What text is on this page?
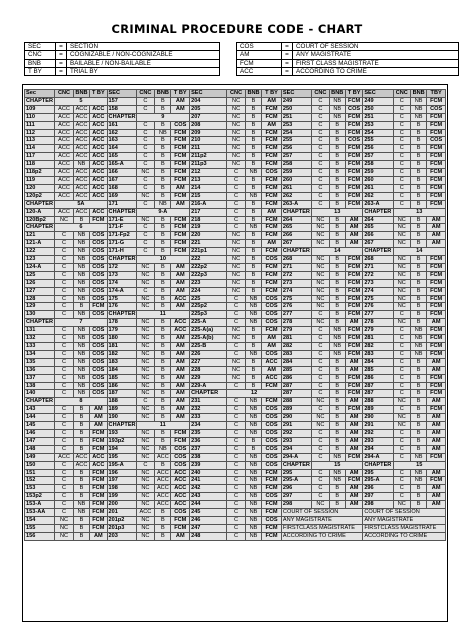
CRIMINAL PROCEDURE CODE - CHART
SEC	=	SECTION
CNC	=	COGNIZABLE / NON-COGNIZABLE
BNB	=	BAILABLE / NON-BAILABLE
T BY	=	TRIAL BY
COS	=	COURT OF SESSION
AM	=	ANY MAGISTRATE
FCM	=	FIRST CLASS MAGISTRATE
ACC	=	ACCORDING TO CRIME
Sec	CNC	BNB	T BY	SEC	CNC	BNB	T BY	SEC	CNC	BNB	T BY	SEC	CNC	BNB	T BY	SEC	CNC	BNB	TBY
CHAPTER	5			157	C	B	AM	204	NC	B	AM	249	C	NB	FCM	249	C	NB	FCM
109	ACC	ACC	ACC	158	C	B	AM	205	NC	B	FCM	250	C	NB	COS	250	C	NB	COS
110	ACC	ACC	ACC	CHAPTER	9			207	NC	B	FCM	251	C	NB	FCM	251	C	NB	FCM
111	ACC	ACC	ACC	161	C	B	COS	208	NC	B	AM	253	C	B	FCM	253	C	B	FCM
112	ACC	ACC	ACC	162	C	NB	FCM	209	NC	B	FCM	254	C	B	FCM	254	C	B	FCM
113	ACC	ACC	ACC	163	C	B	FCM	210	NC	B	FCM	255	C	B	COS	255	C	B	COS
114	ACC	ACC	ACC	164	C	B	FCM	211	NC	B	FCM	256	C	B	FCM	256	C	B	FCM
117	ACC	ACC	ACC	165	C	B	FCM	211p2	NC	B	FCM	257	C	B	FCM	257	C	B	FCM
118	ACC	NB	ACC	165-A	C	B	FCM	211p3	NC	B	FCM	258	C	B	FCM	258	C	B	FCM
118p2	ACC	ACC	ACC	166	NC	B	FCM	212	C	NB	COS	259	C	B	FCM	259	C	B	FCM
119	ACC	ACC	ACC	167	C	B	FCM	213	C	B	FCM	260	C	B	FCM	260	C	B	FCM
120	ACC	ACC	ACC	168	C	B	AM	214	C	B	FCM	261	C	B	FCM	261	C	B	FCM
120p2	ACC	ACC	ACC	169	NC	B	FCM	215	C	NB	FCM	262	C	B	FCM	262	C	B	FCM
CHAPTER	5A			171	C	NB	AM	216-A	C	B	FCM	263-A	C	B	FCM	263-A	C	B	FCM
120-A	ACC	ACC	ACC	CHAPTER	9-A			217	C	B	AM	CHAPTER	13			CHAPTER	13		
120Bp2	NC	B	FCM	171-E	NC	B	FCM	218	C	B	FCM	264	NC	B	AM	264	NC	B	AM
CHAPTER	6			171-F	C	B	FCM	219	C	NB	FCM	265	NC	B	AM	265	NC	B	AM
121	C	NB	COS	171-Fp2	C	B	FCM	220	NC	B	FCM	266	NC	B	AM	266	NC	B	AM
121-A	C	NB	COS	171-G	C	B	FCM	221	NC	B	AM	267	NC	B	AM	267	NC	B	AM
122	C	NB	COS	171-H	C	B	FCM	221p1	NC	B	FCM	CHAPTER	14			CHAPTER	14		
123	C	NB	COS	CHAPTER	10			222	NC	B	COS	268	NC	B	FCM	268	NC	B	FCM
124-A	C	NB	COS	172	NC	B	AM	222p2	NC	B	FCM	271	NC	B	FCM	271	NC	B	FCM
125	C	NB	COS	173	NC	B	AM	222p3	NC	B	FCM	272	NC	B	FCM	272	NC	B	FCM
126	C	NB	COS	174	NC	B	AM	223	NC	B	FCM	273	NC	B	FCM	273	NC	B	FCM
127	C	NB	COS	174-A	C	B	AM	224	NC	B	FCM	274	NC	B	FCM	274	NC	B	FCM
128	C	NB	COS	175	NC	B	ACC	225	C	NB	COS	275	NC	B	FCM	275	NC	B	FCM
129	C	B	FCM	176	NC	B	AM	225p2	C	NB	COS	276	NC	B	FCM	276	NC	B	FCM
130	C	NB	COS	CHAPTER	11			225p3	C	NB	COS	277	C	B	FCM	277	C	B	FCM
CHAPTER	7			178	NC	B	ACC	225-A	C	NB	COS	278	NC	B	AM	278	NC	B	AM
131	C	NB	COS	179	NC	B	ACC	225-A(a)	NC	B	FCM	279	C	NB	FCM	279	C	NB	FCM
132	C	NB	COS	180	NC	B	AM	225-A(b)	NC	B	AM	281	C	NB	FCM	281	C	NB	FCM
133	C	NB	COS	181	NC	B	AM	225-B	C	B	AM	282	C	NB	FCM	282	C	NB	FCM
134	C	NB	COS	182	NC	B	AM	226	C	NB	COS	283	C	NB	FCM	283	C	NB	FCM
135	C	NB	COS	183	NC	B	AM	227	NC	B	ACC	284	C	B	AM	284	C	B	AM
136	C	NB	COS	184	NC	B	AM	228	NC	B	AM	285	C	B	AM	285	C	B	AM
137	C	NB	COS	185	NC	B	AM	229	NC	B	ACC	286	C	B	FCM	286	C	B	FCM
138	C	NB	COS	186	NC	B	AM	229-A	C	B	FCM	287	C	B	FCM	287	C	B	FCM
140	C	NB	COS	187	NC	B	AM	CHAPTER	12			287	C	B	FCM	287	C	B	FCM
CHAPTER	8			188	C	B	AM	231	C	NB	FCM	288	NC	B	AM	288	NC	B	AM
143	C	B	AM	189	NC	B	AM	232	C	NB	COS	289	C	B	FCM	289	C	B	FCM
144	C	B	AM	190	NC	B	AM	233	C	NB	COS	290	NC	B	AM	290	NC	B	AM
145	C	B	AM	CHAPTER	11			234	C	NB	COS	291	NC	B	AM	291	NC	B	AM
146	C	B	FCM	193	NC	B	FCM	235	C	NB	COS	292	C	B	AM	292	C	B	AM
147	C	B	FCM	193p2	NC	B	FCM	236	C	B	COS	293	C	B	AM	293	C	B	AM
148	C	B	FCM	194	NC	NB	COS	237	C	B	COS	294	C	B	AM	294	C	B	AM
149	ACC	ACC	ACC	195	NC	ACC	COS	238	C	NB	COS	294-A	C	NB	FCM	294-A	C	NB	FCM
150	C	ACC	ACC	195-A	C	B	COS	239	C	NB	COS	CHAPTER	15			CHAPTER	15		
151	C	B	FCM	196	NC	ACC	ACC	240	C	NB	FCM	295	C	NB	AM	295	C	NB	AM
152	C	B	FCM	197	NC	ACC	ACC	241	C	NB	FCM	295-A	C	NB	FCM	295-A	C	NB	FCM
153	C	B	FCM	198	NC	ACC	ACC	242	C	NB	FCM	296	C	B	AM	296	C	B	AM
153p2	C	B	FCM	199	NC	ACC	ACC	243	C	NB	COS	297	C	B	AM	297	C	B	AM
153-A	C	NB	FCM	200	NC	ACC	ACC	244	C	NB	FCM	298	NC	B	AM	298	NC	B	AM
153-AA	C	NB	FCM	201	ACC	B	COS	245	C	NB	FCM	COURT OF SESSION				COURT OF SESSION			
154	NC	B	FCM	201p2	NC	B	FCM	246	C	NB	COS	ANY MAGISTRATE				ANY MAGISTRATE			
155	NC	B	FCM	201p3	NC	B	FCM	247	C	NB	FCM	FIRSTCLASS MAGISTRATE				FIRSTCLASS MAGISTRATE			
156	NC	B	AM	203	NC	B	AM	248	C	NB	FCM	ACCORDING TO CRIME				ACCORDING TO CRIME			
